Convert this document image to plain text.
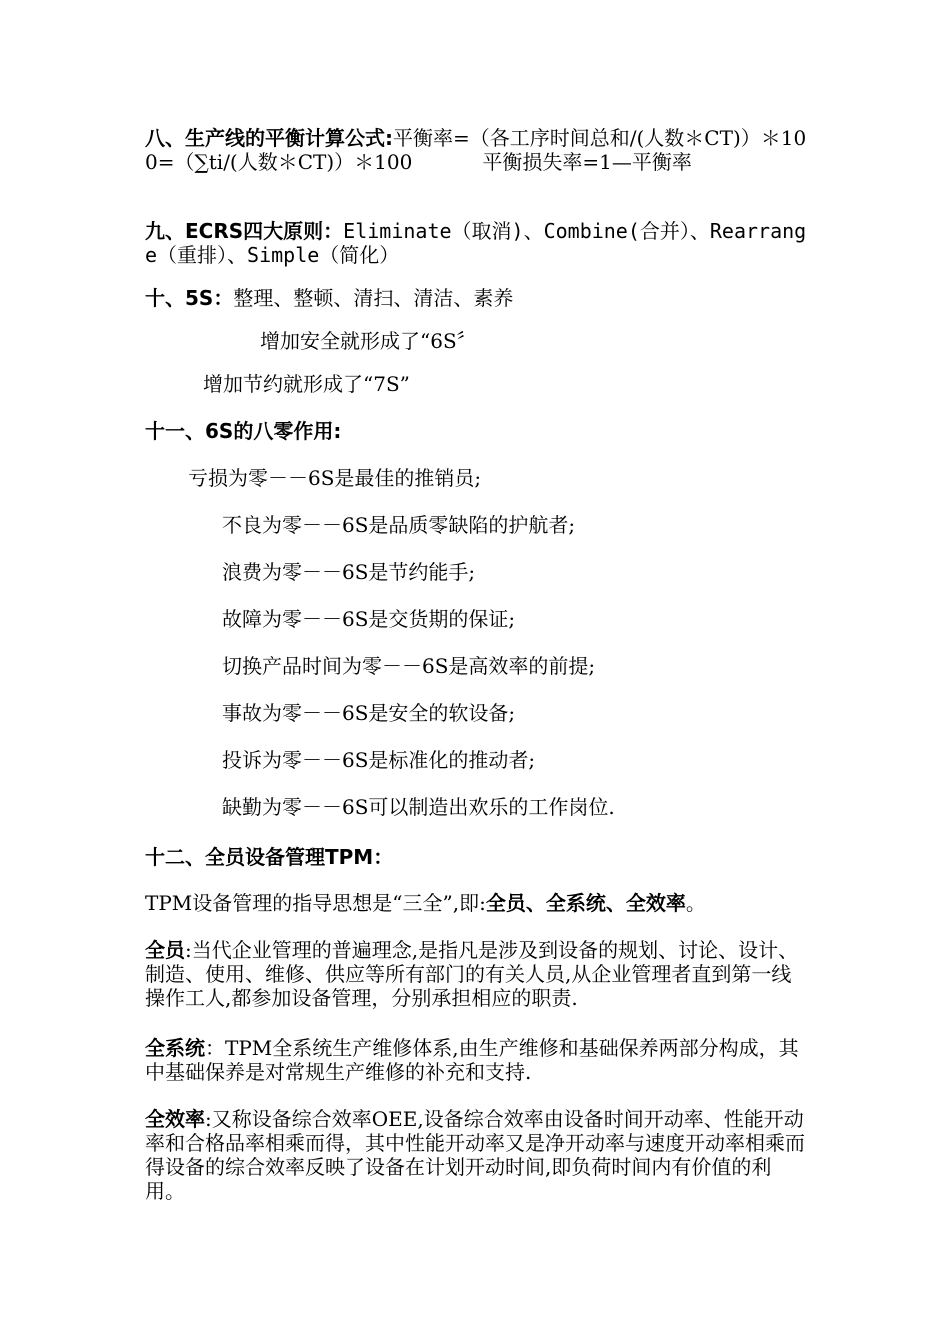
八、生产线的平衡计算公式:平衡率=（各工序时间总和/(人数＊CT)）＊100=（∑ti/(人数＊CT)）＊100	平衡损失率=1—平衡率
九、ECRS四大原则：Eliminate（取消)、Combine(合并）、Rearrange（重排）、Simple（简化）
十、5S：整理、整顿、清扫、清洁、素养
增加安全就形成了“6S〞
增加节约就形成了“7S”
十一、6S的八零作用:
亏损为零－－6S是最佳的推销员;
不良为零－－6S是品质零缺陷的护航者;
浪费为零－－6S是节约能手;
故障为零－－6S是交货期的保证;
切换产品时间为零－－6S是高效率的前提;
事故为零－－6S是安全的软设备;
投诉为零－－6S是标准化的推动者;
缺勤为零－－6S可以制造出欢乐的工作岗位.
十二、全员设备管理TPM：
TPM设备管理的指导思想是“三全”,即:全员、全系统、全效率。
全员:当代企业管理的普遍理念,是指凡是涉及到设备的规划、讨论、设计、制造、使用、维修、供应等所有部门的有关人员,从企业管理者直到第一线操作工人,都参加设备管理，分别承担相应的职责.
全系统：TPM全系统生产维修体系,由生产维修和基础保养两部分构成，其中基础保养是对常规生产维修的补充和支持.
全效率:又称设备综合效率OEE,设备综合效率由设备时间开动率、性能开动率和合格品率相乘而得，其中性能开动率又是净开动率与速度开动率相乘而得设备的综合效率反映了设备在计划开动时间,即负荷时间内有价值的利用。
